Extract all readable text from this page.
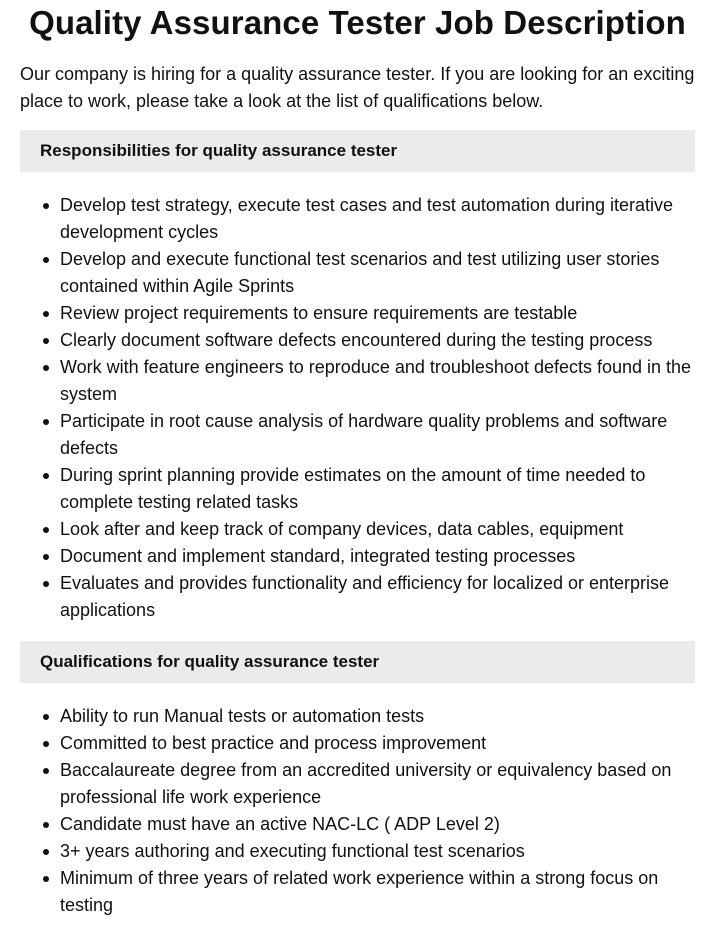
Quality Assurance Tester Job Description

Our company is hiring for a quality assurance tester. If you are looking for an exciting place to work, please take a look at the list of qualifications below.

Responsibilities for quality assurance tester
Develop test strategy, execute test cases and test automation during iterative development cycles
Develop and execute functional test scenarios and test utilizing user stories contained within Agile Sprints
Review project requirements to ensure requirements are testable
Clearly document software defects encountered during the testing process
Work with feature engineers to reproduce and troubleshoot defects found in the system
Participate in root cause analysis of hardware quality problems and software defects
During sprint planning provide estimates on the amount of time needed to complete testing related tasks
Look after and keep track of company devices, data cables, equipment
Document and implement standard, integrated testing processes
Evaluates and provides functionality and efficiency for localized or enterprise applications
Qualifications for quality assurance tester
Ability to run Manual tests or automation tests
Committed to best practice and process improvement
Baccalaureate degree from an accredited university or equivalency based on professional life work experience
Candidate must have an active NAC-LC ( ADP Level 2)
3+ years authoring and executing functional test scenarios
Minimum of three years of related work experience within a strong focus on testing
